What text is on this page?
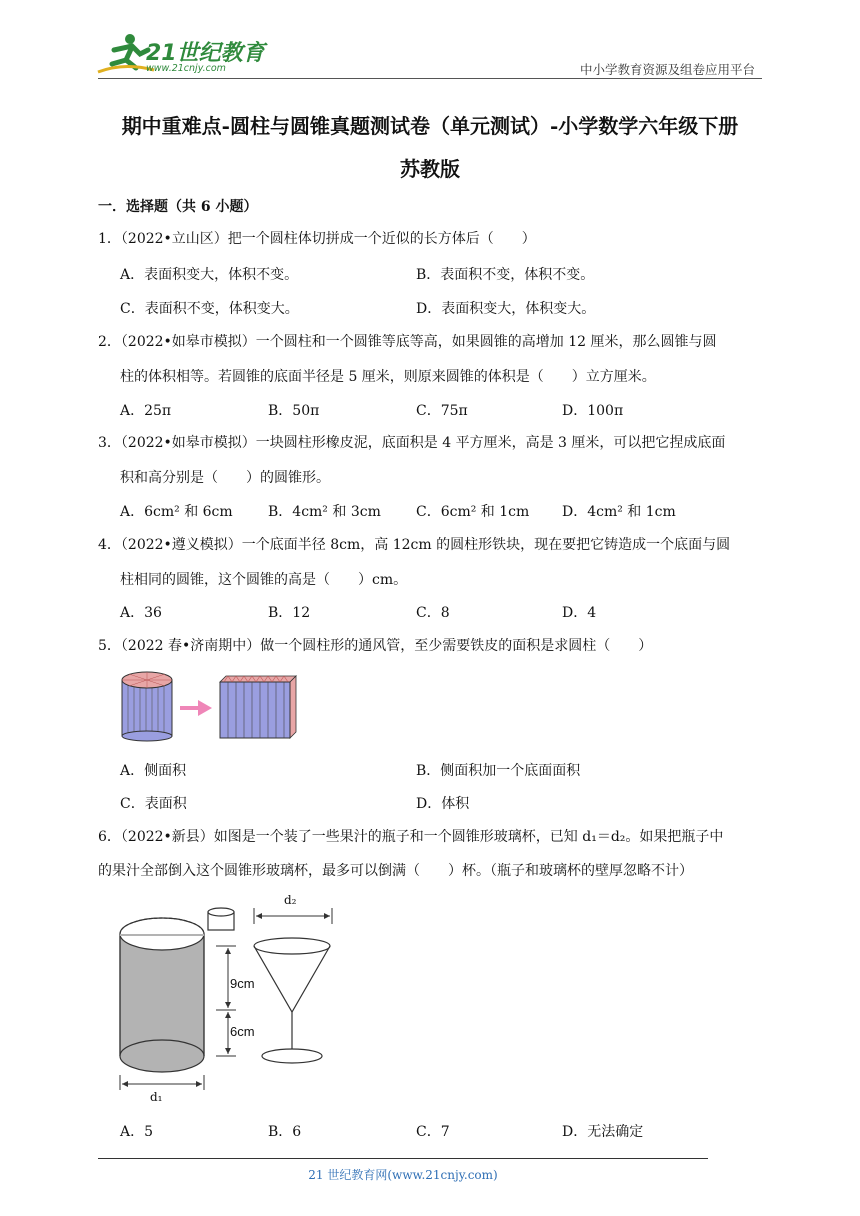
21世纪教育
www.21cnjy.com	中小学教育资源及组卷应用平台
期中重难点-圆柱与圆锥真题测试卷（单元测试）-小学数学六年级下册
苏教版
一．选择题（共 6 小题）
1．（2022•立山区）把一个圆柱体切拼成一个近似的长方体后（　　）
A．表面积变大，体积不变。	B．表面积不变，体积不变。
C．表面积不变，体积变大。	D．表面积变大，体积变大。
2．（2022•如皋市模拟）一个圆柱和一个圆锥等底等高，如果圆锥的高增加 12 厘米，那么圆锥与圆
柱的体积相等。若圆锥的底面半径是 5 厘米，则原来圆锥的体积是（　　）立方厘米。
A．25π	B．50π	C．75π	D．100π
3．（2022•如皋市模拟）一块圆柱形橡皮泥，底面积是 4 平方厘米，高是 3 厘米，可以把它捏成底面
积和高分别是（　　）的圆锥形。
A．6cm² 和 6cm	B．4cm² 和 3cm	C．6cm² 和 1cm D．4cm² 和 1cm
4．（2022•遵义模拟）一个底面半径 8cm，高 12cm 的圆柱形铁块，现在要把它铸造成一个底面与圆
柱相同的圆锥，这个圆锥的高是（　　）cm。
A．36	B．12	C．8	D．4
5．（2022 春•济南期中）做一个圆柱形的通风管，至少需要铁皮的面积是求圆柱（　　）
A．侧面积	B．侧面积加一个底面面积
C．表面积	D．体积
6．（2022•新县）如图是一个装了一些果汁的瓶子和一个圆锥形玻璃杯，已知 d₁＝d₂。如果把瓶子中
的果汁全部倒入这个圆锥形玻璃杯，最多可以倒满（　　）杯。（瓶子和玻璃杯的壁厚忽略不计）
d₁
d₂
9cm
6cm
A．5	B．6	C．7	D．无法确定
21 世纪教育网(www.21cnjy.com)
